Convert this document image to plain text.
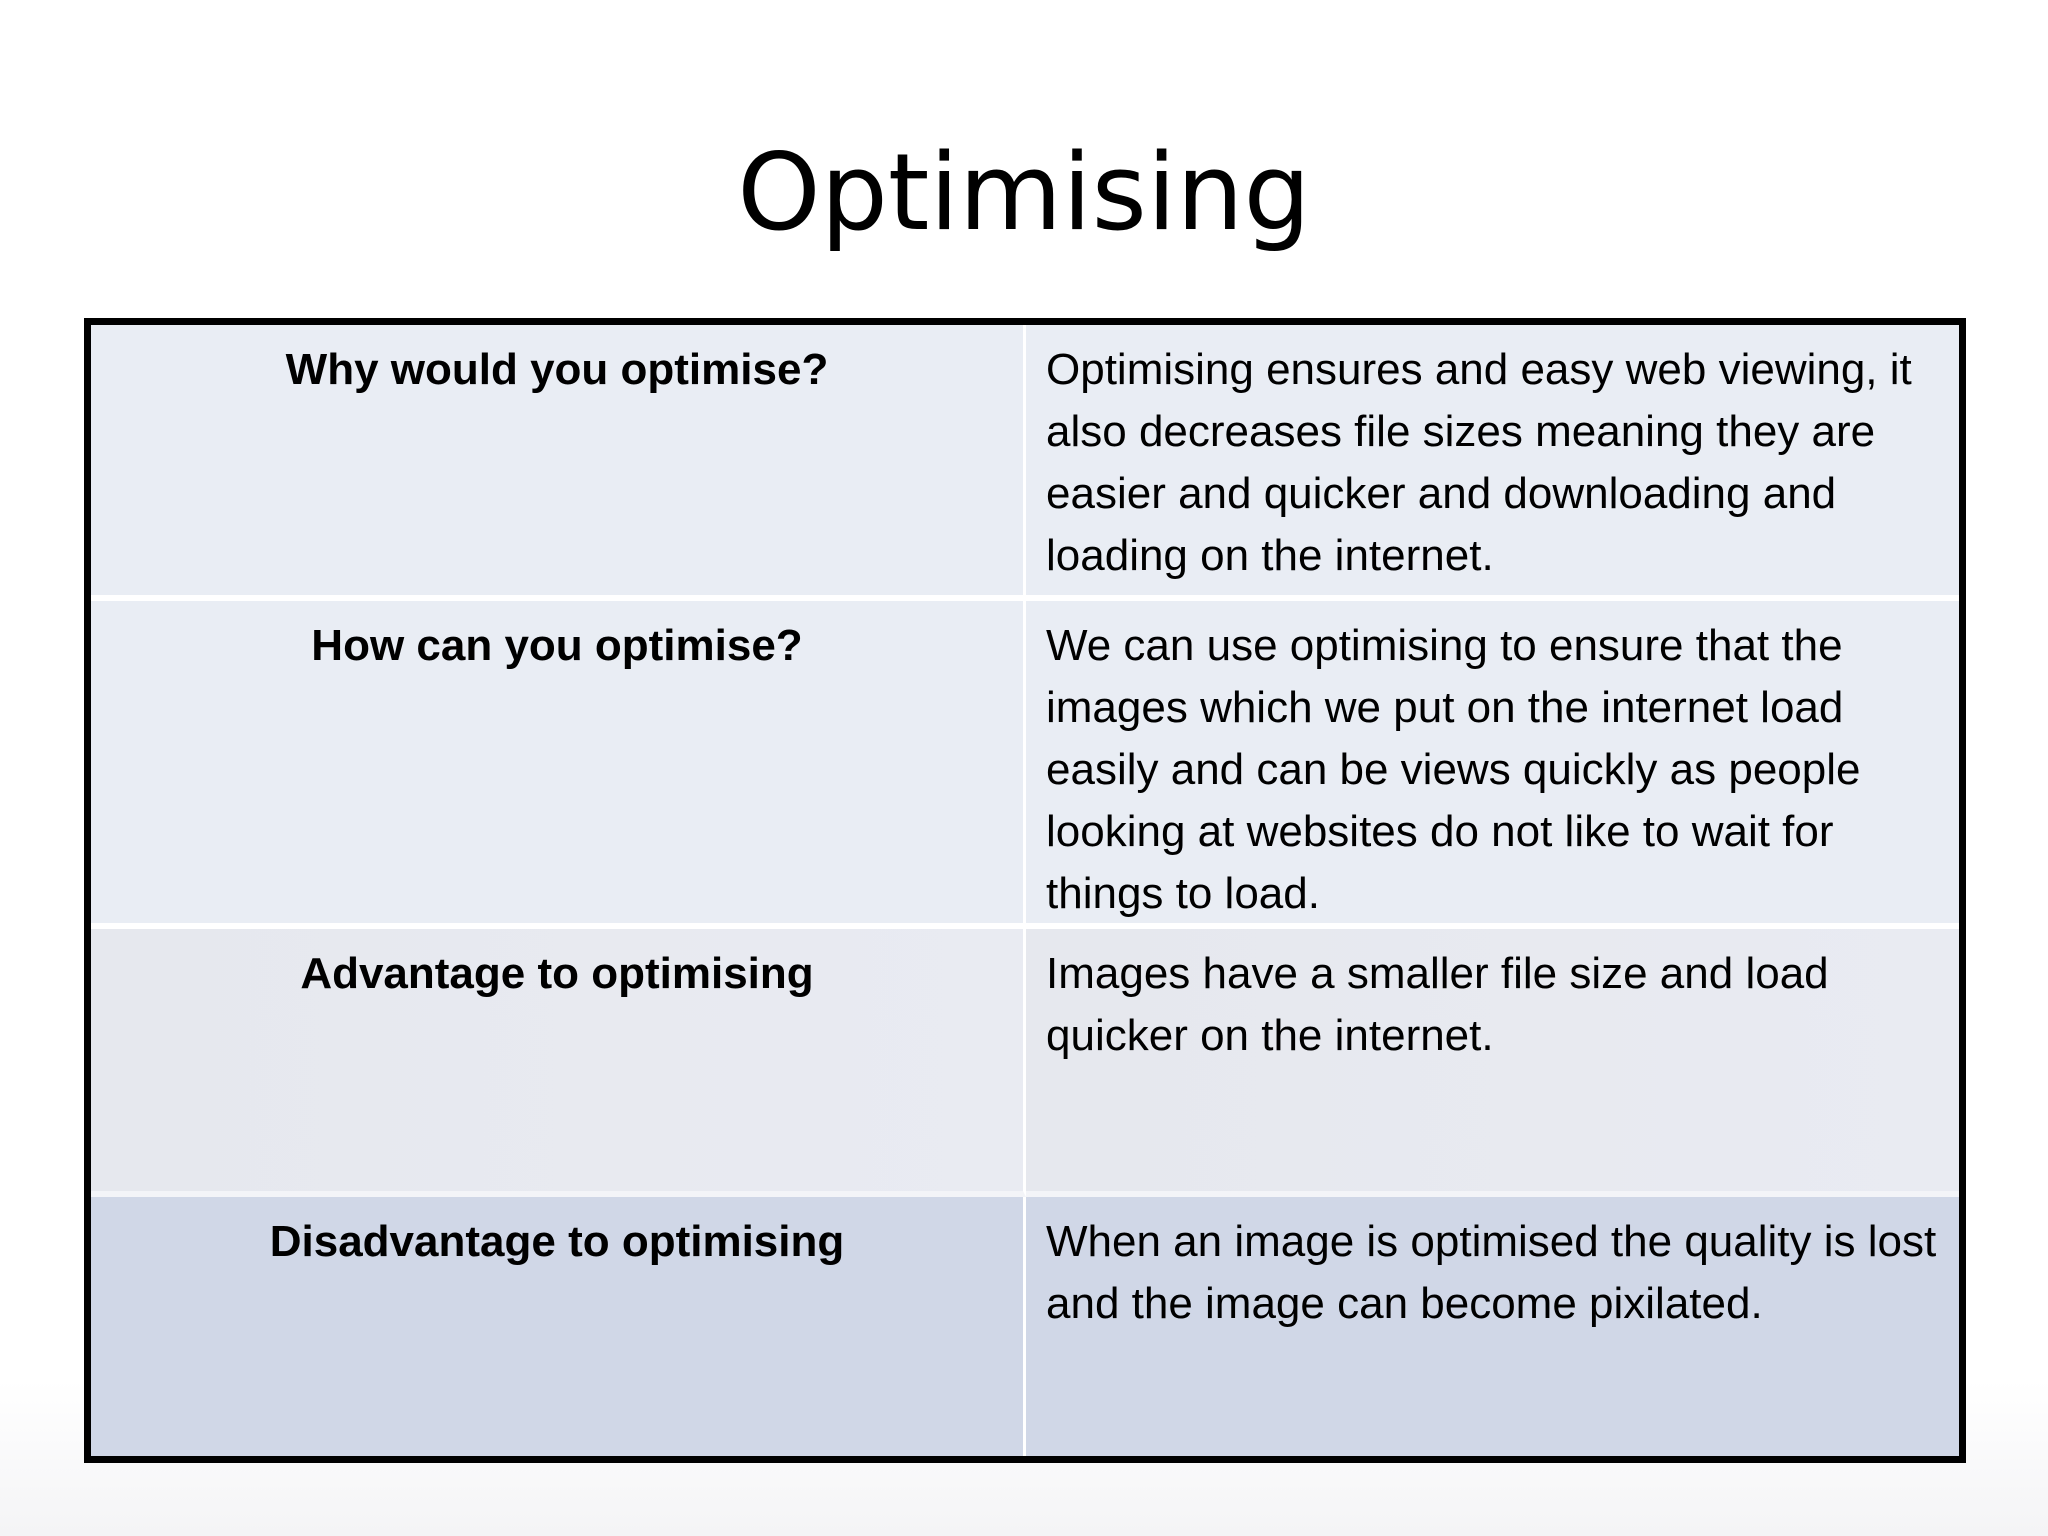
Optimising
Why would you optimise?	Optimising ensures and easy web viewing, it also decreases file sizes meaning they are easier and quicker and downloading and loading on the internet.
How can you optimise?	We can use optimising to ensure that the images which we put on the internet load easily and can be views quickly as people looking at websites do not like to wait for things to load.
Advantage to optimising	Images have a smaller file size and load quicker on the internet.
Disadvantage to optimising	When an image is optimised the quality is lost and the image can become pixilated.
